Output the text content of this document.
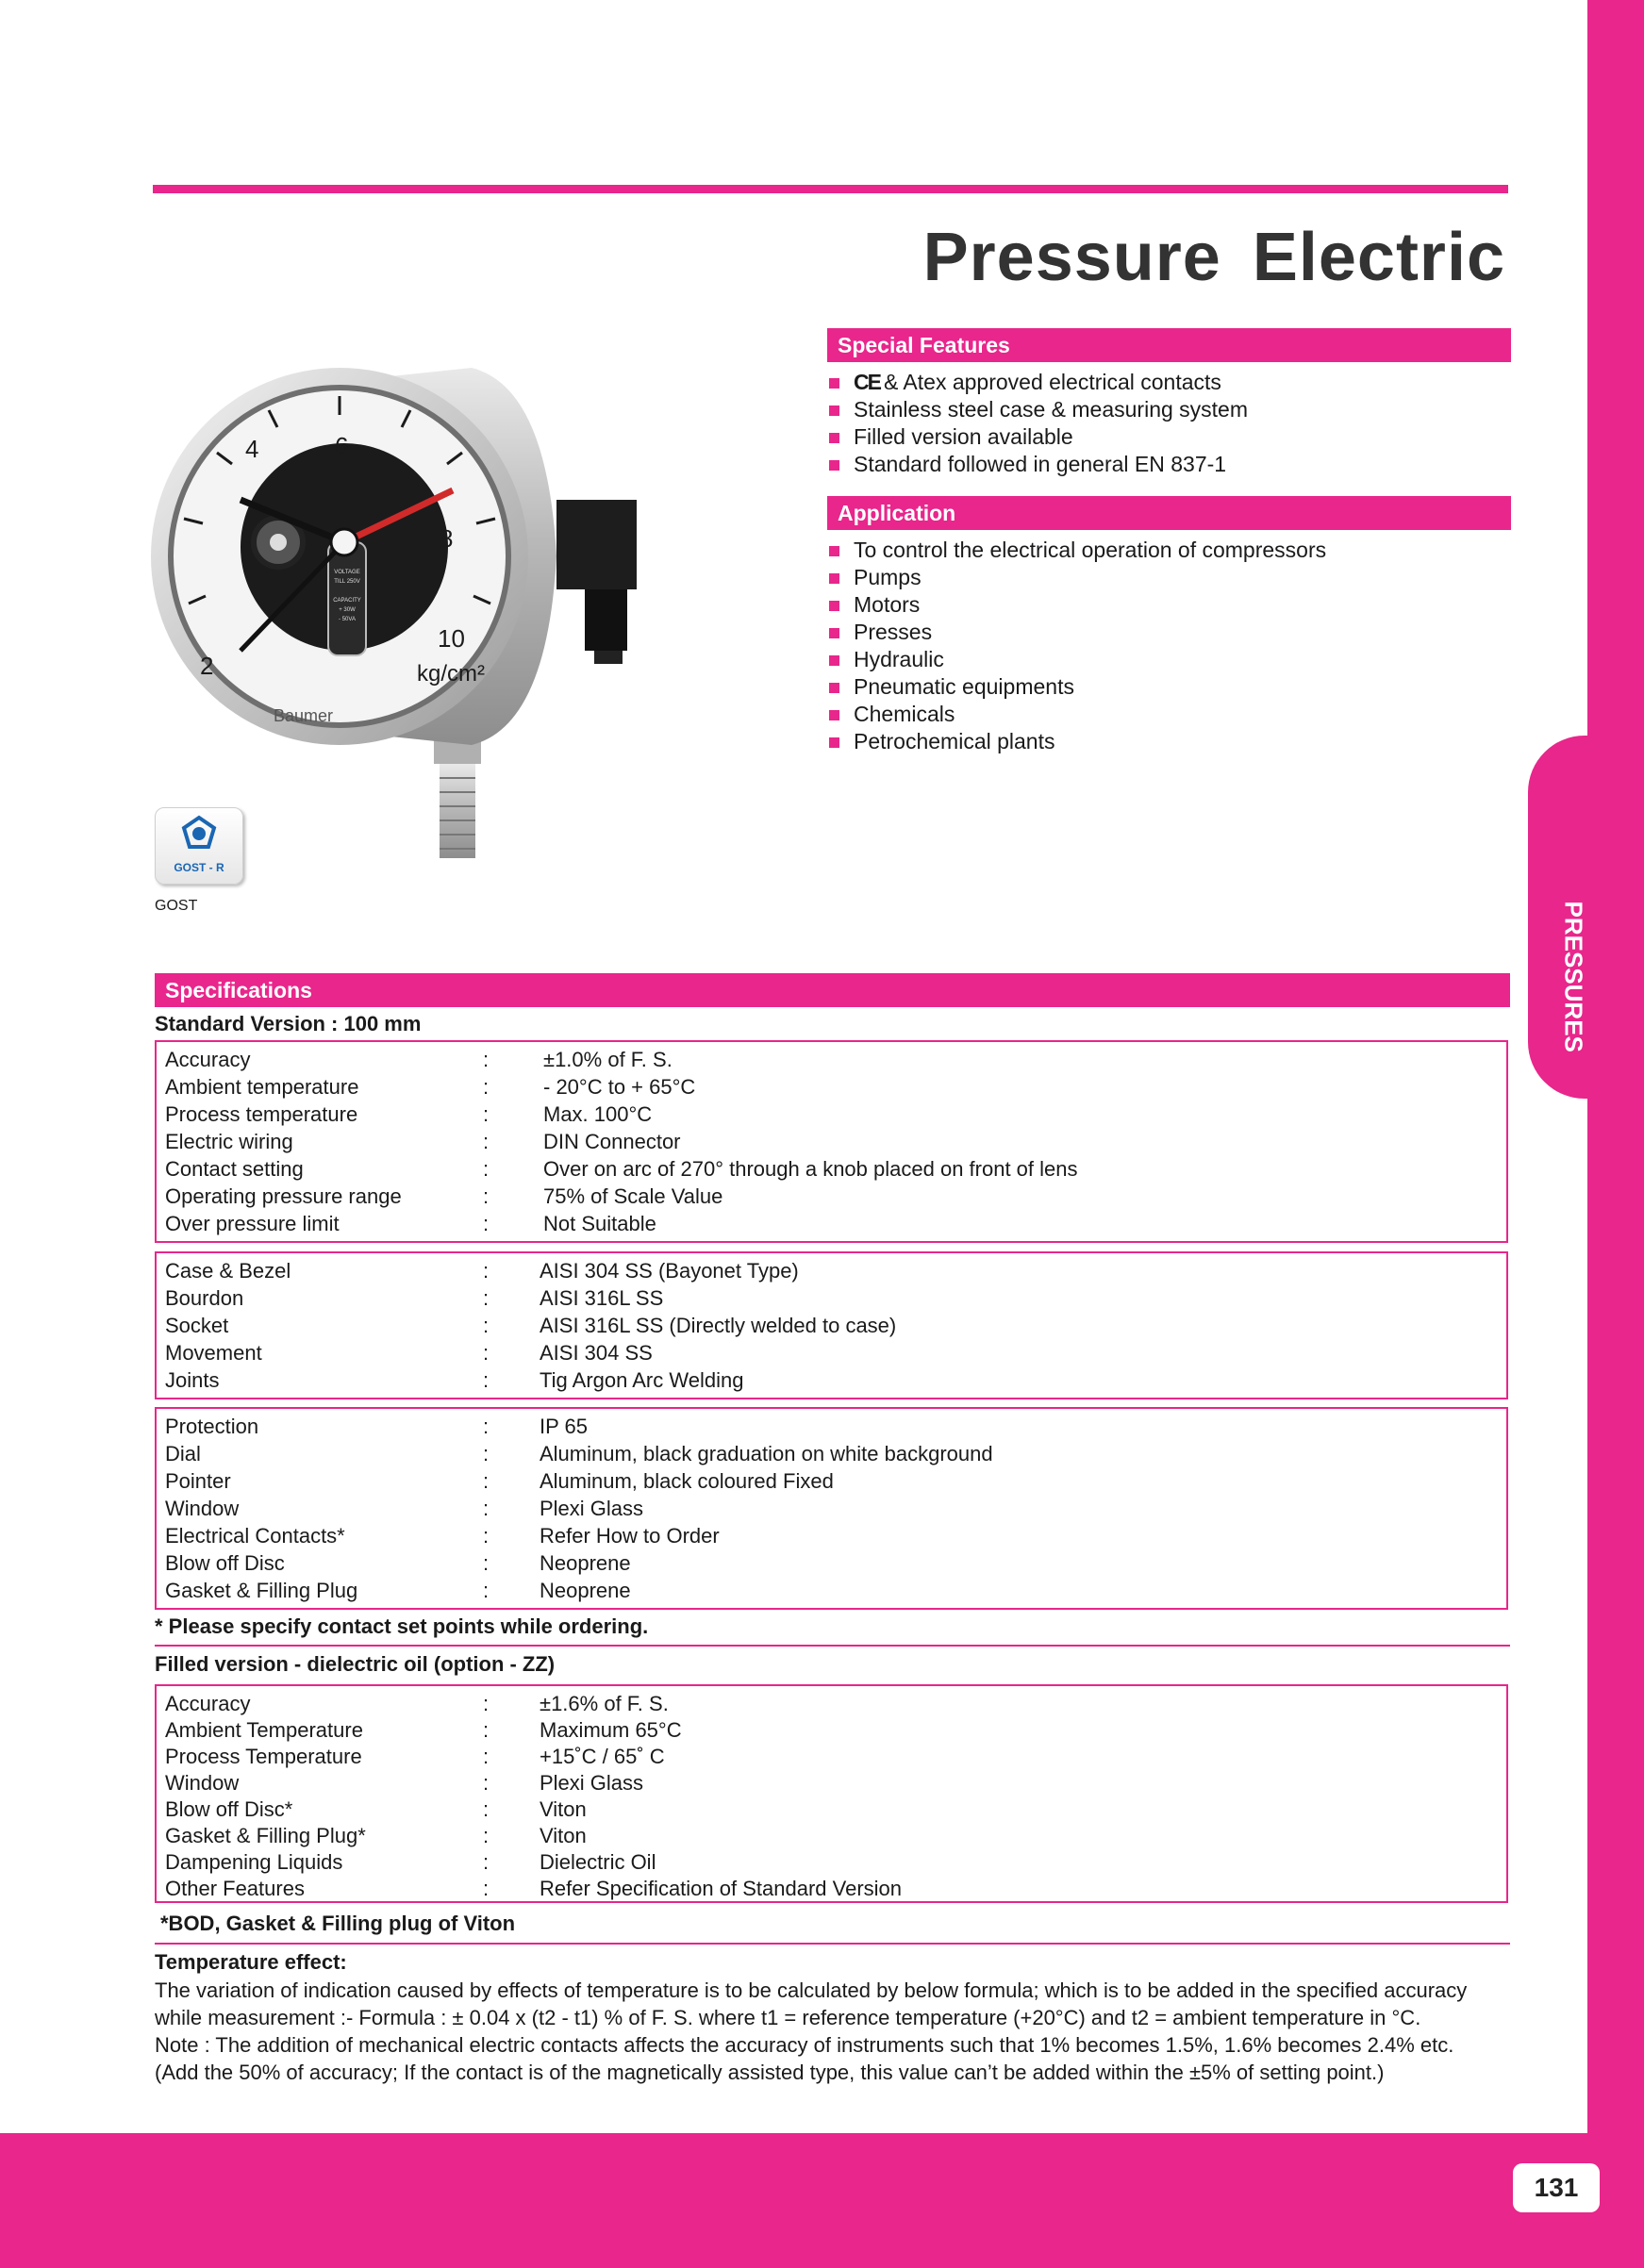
131
Pressure Electric
Special Features
CE & Atex approved electrical contacts
Stainless steel case & measuring system
Filled version available
Standard followed in general EN 837-1
Application
To control the electrical operation of compressors
Pumps
Motors
Presses
Hydraulic
Pneumatic equipments
Chemicals
Petrochemical plants
2
4	6
8
10
kg/cm²
Baumer
VOLTAGE
TILL 250V
CAPACITY
+ 30W
- 50VA
GOST - R
GOST
Specifications
Standard Version : 100 mm
Accuracy	:	±1.0% of F. S.
Ambient temperature	:	- 20°C to + 65°C
Process temperature	:	Max. 100°C
Electric wiring	:	DIN Connector
Contact setting	:	Over on arc of 270° through a knob placed on front of lens
Operating pressure range	:	75% of Scale Value
Over pressure limit	:	Not Suitable
Case & Bezel	: AISI 304 SS (Bayonet Type)
Bourdon	: AISI 316L SS
Socket	: AISI 316L SS (Directly welded to case)
Movement	: AISI 304 SS
Joints	: Tig Argon Arc Welding
Protection	: IP 65
Dial	: Aluminum, black graduation on white background
Pointer	: Aluminum, black coloured Fixed
Window	: Plexi Glass
Electrical Contacts*	: Refer How to Order
Blow off Disc	: Neoprene
Gasket & Filling Plug	: Neoprene
* Please specify contact set points while ordering.
Filled version - dielectric oil (option - ZZ)
Accuracy	: ±1.6% of F. S.
Ambient Temperature	: Maximum 65°C
Process Temperature	: +15˚C / 65˚ C
Window	: Plexi Glass
Blow off Disc*	: Viton
Gasket & Filling Plug*	: Viton
Dampening Liquids	: Dielectric Oil
Other Features	: Refer Specification of Standard Version
*BOD, Gasket & Filling plug of Viton
Temperature effect:
The variation of indication caused by effects of temperature is to be calculated by below formula; which is to be added in the specified accuracy
while measurement :- Formula : ± 0.04 x (t2 - t1) % of F. S. where t1 = reference temperature (+20°C) and t2 = ambient temperature in °C.
Note : The addition of mechanical electric contacts affects the accuracy of instruments such that 1% becomes 1.5%, 1.6% becomes 2.4% etc.
(Add the 50% of accuracy; If the contact is of the magnetically assisted type, this value can’t be added within the ±5% of setting point.)
